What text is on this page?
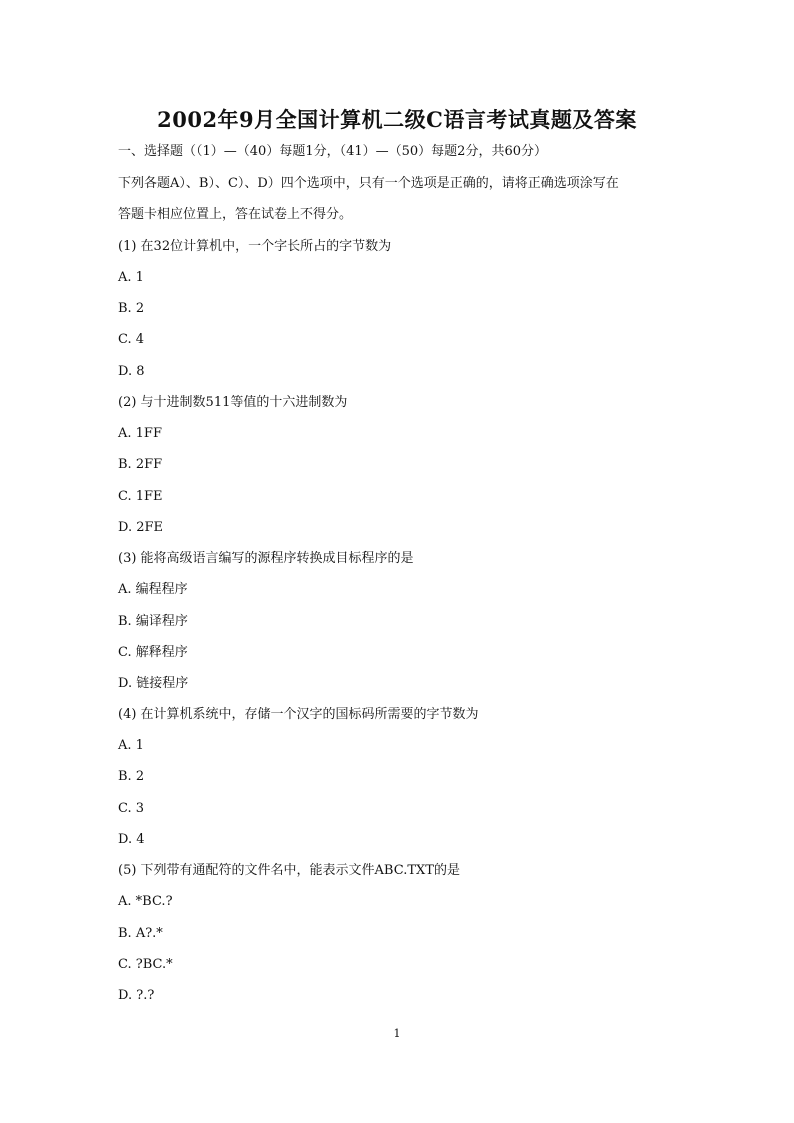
2002年9月全国计算机二级C语言考试真题及答案
一、选择题（（1）—（40）每题1分，（41）—（50）每题2分，共60分）
下列各题A）、B）、C）、D）四个选项中，只有一个选项是正确的，请将正确选项涂写在
答题卡相应位置上，答在试卷上不得分。
(1) 在32位计算机中，一个字长所占的字节数为
A. 1
B. 2
C. 4
D. 8
(2) 与十进制数511等值的十六进制数为
A. 1FF
B. 2FF
C. 1FE
D. 2FE
(3) 能将高级语言编写的源程序转换成目标程序的是
A. 编程程序
B. 编译程序
C. 解释程序
D. 链接程序
(4) 在计算机系统中，存储一个汉字的国标码所需要的字节数为
A. 1
B. 2
C. 3
D. 4
(5) 下列带有通配符的文件名中，能表示文件ABC.TXT的是
A. *BC.?
B. A?.*
C. ?BC.*
D. ?.?
1
